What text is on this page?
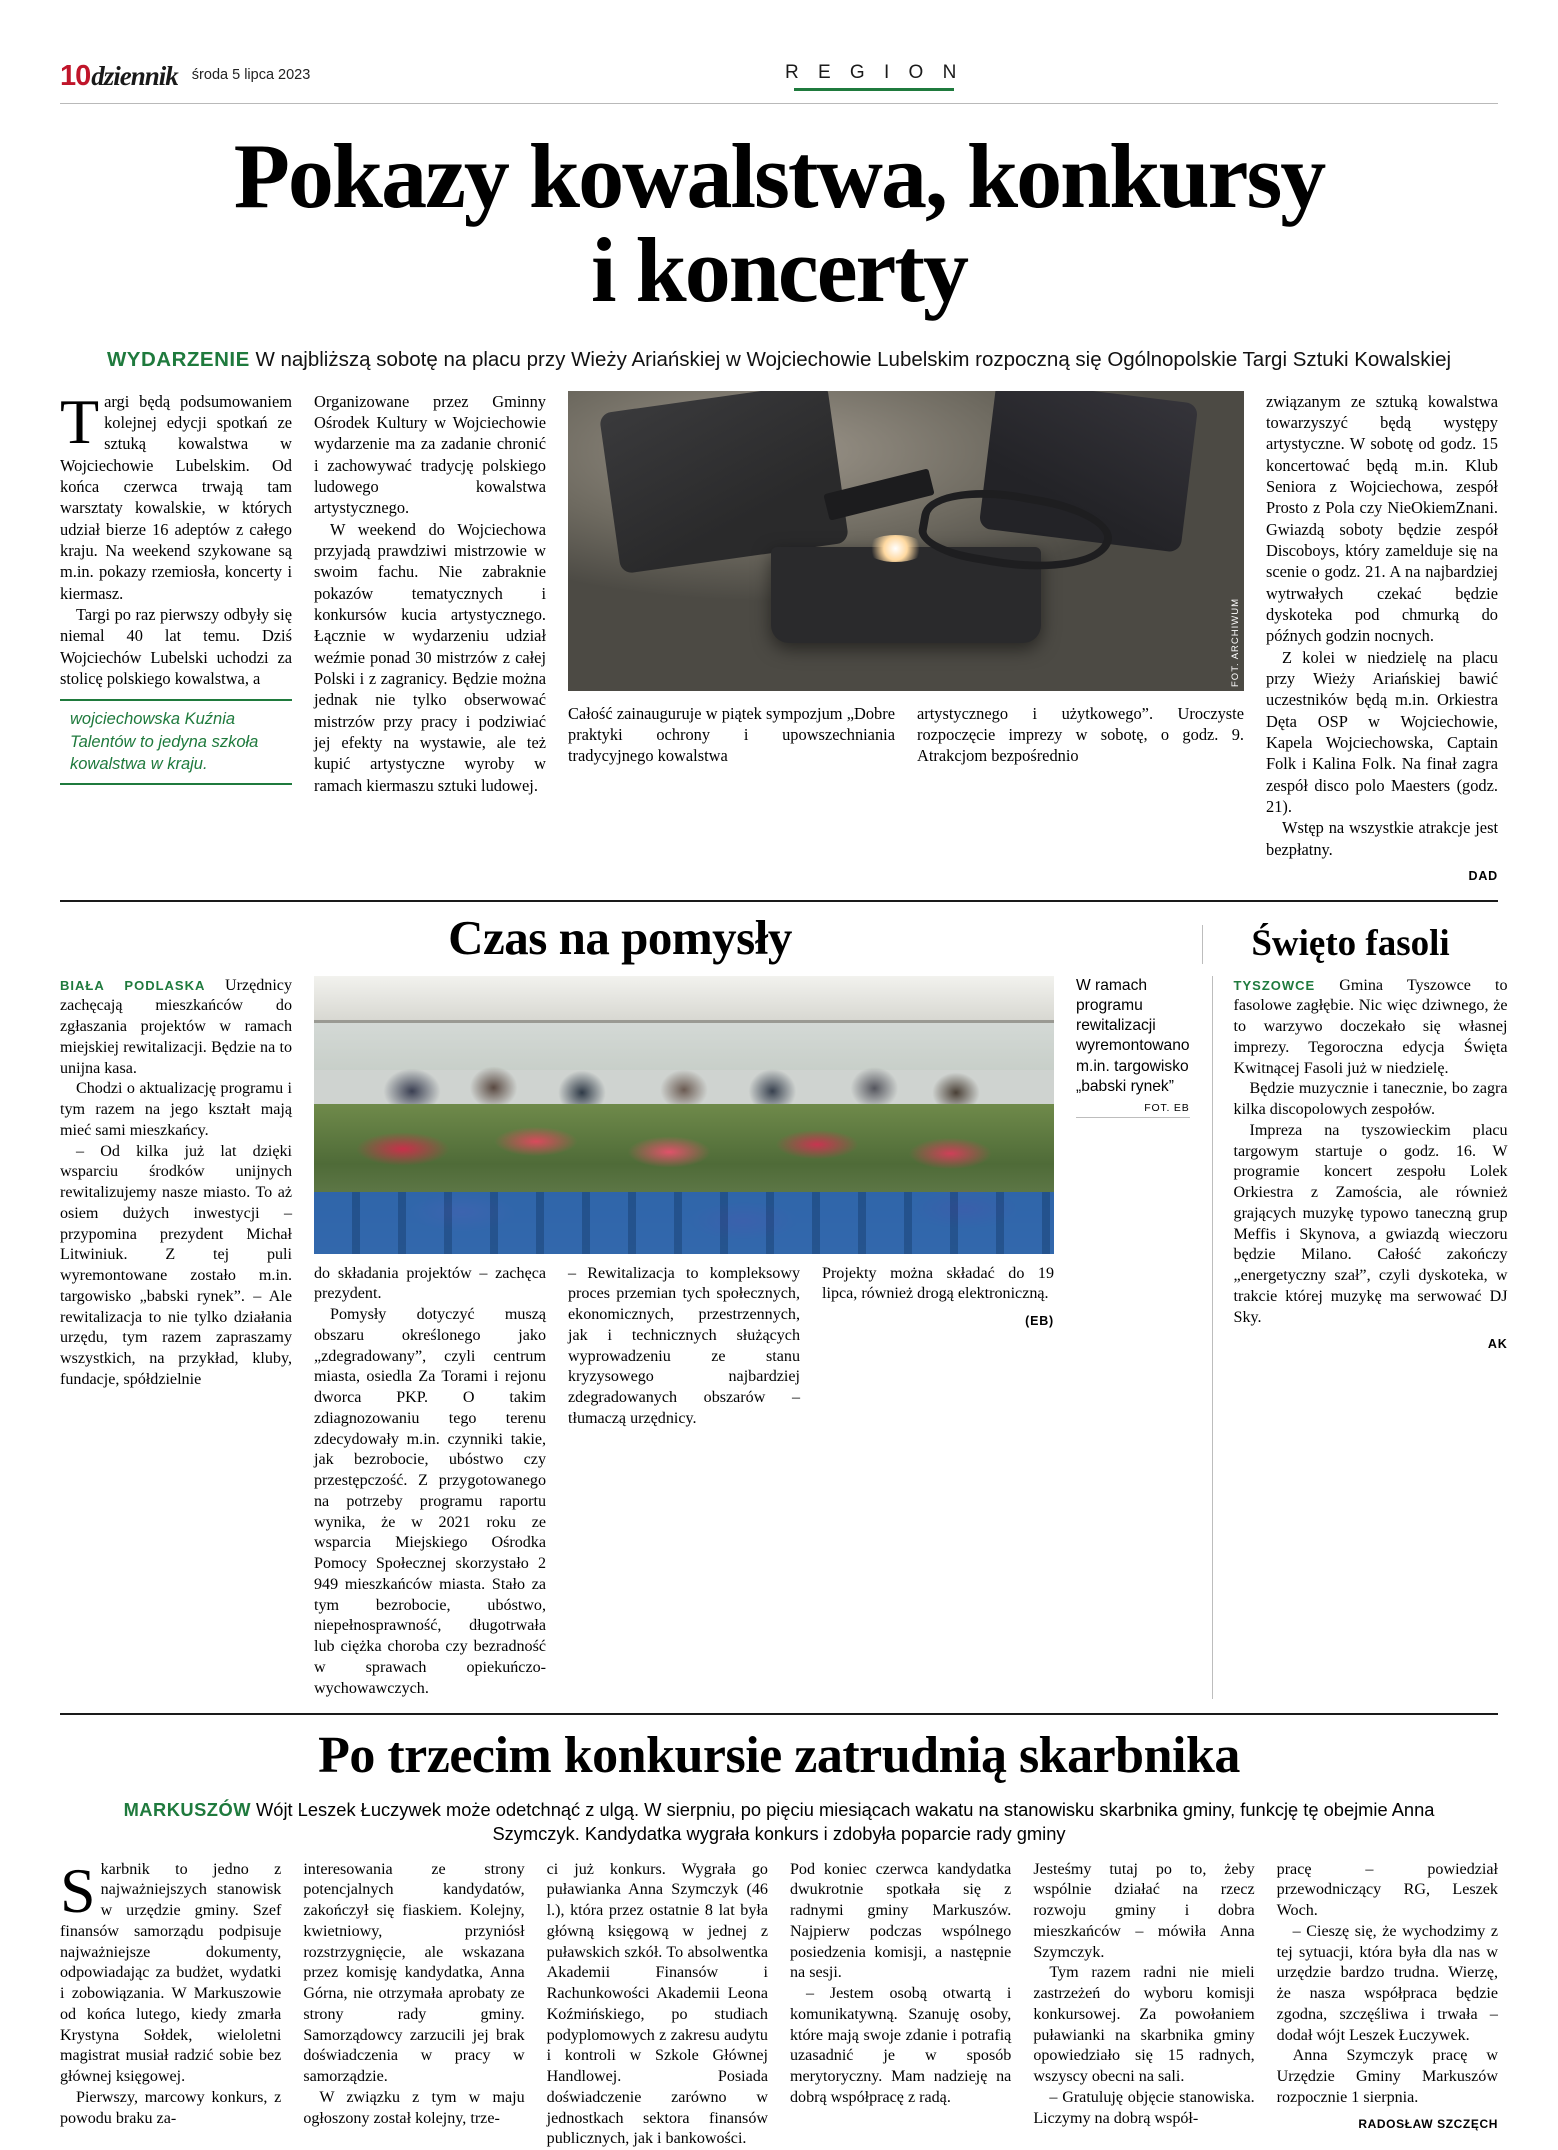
10 dziennik środa 5 lipca 2023	R E G I O N
Pokazy kowalstwa, konkursy
i koncerty
WYDARZENIE W najbliższą sobotę na placu przy Wieży Ariańskiej w Wojciechowie Lubelskim rozpoczną się Ogólnopolskie Targi Sztuki Kowalskiej

Targi będą podsumowaniem kolejnej edycji spotkań ze sztuką kowalstwa w Wojciechowie Lubelskim. Od końca czerwca trwają tam warsztaty kowalskie, w których udział bierze 16 adeptów z całego kraju. Na weekend szykowane są m.in. pokazy rzemiosła, koncerty i kiermasz.

Targi po raz pierwszy odbyły się niemal 40 lat temu. Dziś Wojciechów Lubelski uchodzi za stolicę polskiego kowalstwa, a

wojciechowska Kuźnia Talentów to jedyna szkoła kowalstwa w kraju.

Organizowane przez Gminny Ośrodek Kultury w Wojciechowie wydarzenie ma za zadanie chronić i zachowywać tradycję polskiego ludowego kowalstwa artystycznego.

W weekend do Wojciechowa przyjadą prawdziwi mistrzowie w swoim fachu. Nie zabraknie pokazów tematycznych i konkursów kucia artystycznego. Łącznie w wydarzeniu udział weźmie ponad 30 mistrzów z całej Polski i z zagranicy. Będzie można jednak nie tylko obserwować mistrzów przy pracy i podziwiać jej efekty na wystawie, ale też kupić artystyczne wyroby w ramach kiermaszu sztuki ludowej.

FOT. ARCHIWUM
Całość zainauguruje w piątek sympozjum „Dobre praktyki ochrony i upowszechniania tradycyjnego kowalstwa
artystycznego i użytkowego”. Uroczyste rozpoczęcie imprezy w sobotę, o godz. 9. Atrakcjom bezpośrednio

związanym ze sztuką kowalstwa towarzyszyć będą występy artystyczne. W sobotę od godz. 15 koncertować będą m.in. Klub Seniora z Wojciechowa, zespół Prosto z Pola czy NieOkiemZnani. Gwiazdą soboty będzie zespół Discoboys, który zamelduje się na scenie o godz. 21. A na najbardziej wytrwałych czekać będzie dyskoteka pod chmurką do późnych godzin nocnych.

Z kolei w niedzielę na placu przy Wieży Ariańskiej bawić uczestników będą m.in. Orkiestra Dęta OSP w Wojciechowie, Kapela Wojciechowska, Captain Folk i Kalina Folk. Na finał zagra zespół disco polo Maesters (godz. 21).

Wstęp na wszystkie atrakcje jest bezpłatny.

DAD
Czas na pomysły	Święto fasoli

BIAŁA PODLASKA Urzędnicy zachęcają mieszkańców do zgłaszania projektów w ramach miejskiej rewitalizacji. Będzie na to unijna kasa.

Chodzi o aktualizację programu i tym razem na jego kształt mają mieć sami mieszkańcy.

– Od kilka już lat dzięki wsparciu środków unijnych rewitalizujemy nasze miasto. To aż osiem dużych inwestycji – przypomina prezydent Michał Litwiniuk. Z tej puli wyremontowane zostało m.in. targowisko „babski rynek”. – Ale rewitalizacja to nie tylko działania urzędu, tym razem zapraszamy wszystkich, na przykład, kluby, fundacje, spółdzielnie

do składania projektów – zachęca prezydent.

Pomysły dotyczyć muszą obszaru określonego jako „zdegradowany”, czyli centrum miasta, osiedla Za Torami i rejonu dworca PKP. O takim zdiagnozowaniu tego terenu zdecydowały m.in. czynniki takie, jak bezrobocie, ubóstwo czy przestępczość. Z przygotowanego na potrzeby programu raportu wynika, że w 2021 roku ze wsparcia Miejskiego Ośrodka Pomocy Społecznej skorzystało 2 949 mieszkańców miasta. Stało za tym bezrobocie, ubóstwo, niepełnosprawność, długotrwała lub ciężka choroba czy bezradność w sprawach opiekuńczo-wychowawczych.

– Rewitalizacja to kompleksowy proces przemian tych społecznych, ekonomicznych, przestrzennych, jak i technicznych służących wyprowadzeniu ze stanu kryzysowego najbardziej zdegradowanych obszarów – tłumaczą urzędnicy.

Projekty można składać do 19 lipca, również drogą elektroniczną.

(EB)
W ramach programu rewitalizacji wyremontowano m.in. targowisko „babski rynek”
FOT. EB

TYSZOWCE Gmina Tyszowce to fasolowe zagłębie. Nic więc dziwnego, że to warzywo doczekało się własnej imprezy. Tegoroczna edycja Święta Kwitnącej Fasoli już w niedzielę.

Będzie muzycznie i tanecznie, bo zagra kilka discopolowych zespołów.

Impreza na tyszowieckim placu targowym startuje o godz. 16. W programie koncert zespołu Lolek Orkiestra z Zamościa, ale również grających muzykę typowo taneczną grup Meffis i Skynova, a gwiazdą wieczoru będzie Milano. Całość zakończy „energetyczny szał”, czyli dyskoteka, w trakcie której muzykę ma serwować DJ Sky.

AK
Po trzecim konkursie zatrudnią skarbnika
MARKUSZÓW Wójt Leszek Łuczywek może odetchnąć z ulgą. W sierpniu, po pięciu miesiącach wakatu na stanowisku skarbnika gminy, funkcję tę obejmie Anna Szymczyk. Kandydatka wygrała konkurs i zdobyła poparcie rady gminy

Skarbnik to jedno z najważniejszych stanowisk w urzędzie gminy. Szef finansów samorządu podpisuje najważniejsze dokumenty, odpowiadając za budżet, wydatki i zobowiązania. W Markuszowie od końca lutego, kiedy zmarła Krystyna Sołdek, wieloletni magistrat musiał radzić sobie bez głównej księgowej.

Pierwszy, marcowy konkurs, z powodu braku za-

interesowania ze strony potencjalnych kandydatów, zakończył się fiaskiem. Kolejny, kwietniowy, przyniósł rozstrzygnięcie, ale wskazana przez komisję kandydatka, Anna Górna, nie otrzymała aprobaty ze strony rady gminy. Samorządowcy zarzucili jej brak doświadczenia w pracy w samorządzie.

W związku z tym w maju ogłoszony został kolejny, trze-

ci już konkurs. Wygrała go puławianka Anna Szymczyk (46 l.), która przez ostatnie 8 lat była główną księgową w jednej z puławskich szkół. To absolwentka Akademii Finansów i Rachunkowości Akademii Leona Koźmińskiego, po studiach podyplomowych z zakresu audytu i kontroli w Szkole Głównej Handlowej. Posiada doświadczenie zarówno w jednostkach sektora finansów publicznych, jak i bankowości.

Pod koniec czerwca kandydatka dwukrotnie spotkała się z radnymi gminy Markuszów. Najpierw podczas wspólnego posiedzenia komisji, a następnie na sesji.

– Jestem osobą otwartą i komunikatywną. Szanuję osoby, które mają swoje zdanie i potrafią uzasadnić je w sposób merytoryczny. Mam nadzieję na dobrą współpracę z radą.

Jesteśmy tutaj po to, żeby wspólnie działać na rzecz rozwoju gminy i dobra mieszkańców – mówiła Anna Szymczyk.

Tym razem radni nie mieli zastrzeżeń do wyboru komisji konkursowej. Za powołaniem puławianki na skarbnika gminy opowiedziało się 15 radnych, wszyscy obecni na sali.

– Gratuluję objęcie stanowiska. Liczymy na dobrą współ-

pracę – powiedział przewodniczący RG, Leszek Woch.

– Cieszę się, że wychodzimy z tej sytuacji, która była dla nas w urzędzie bardzo trudna. Wierzę, że nasza współpraca będzie zgodna, szczęśliwa i trwała – dodał wójt Leszek Łuczywek.

Anna Szymczyk pracę w Urzędzie Gminy Markuszów rozpocznie 1 sierpnia.

RADOSŁAW SZCZĘCH
